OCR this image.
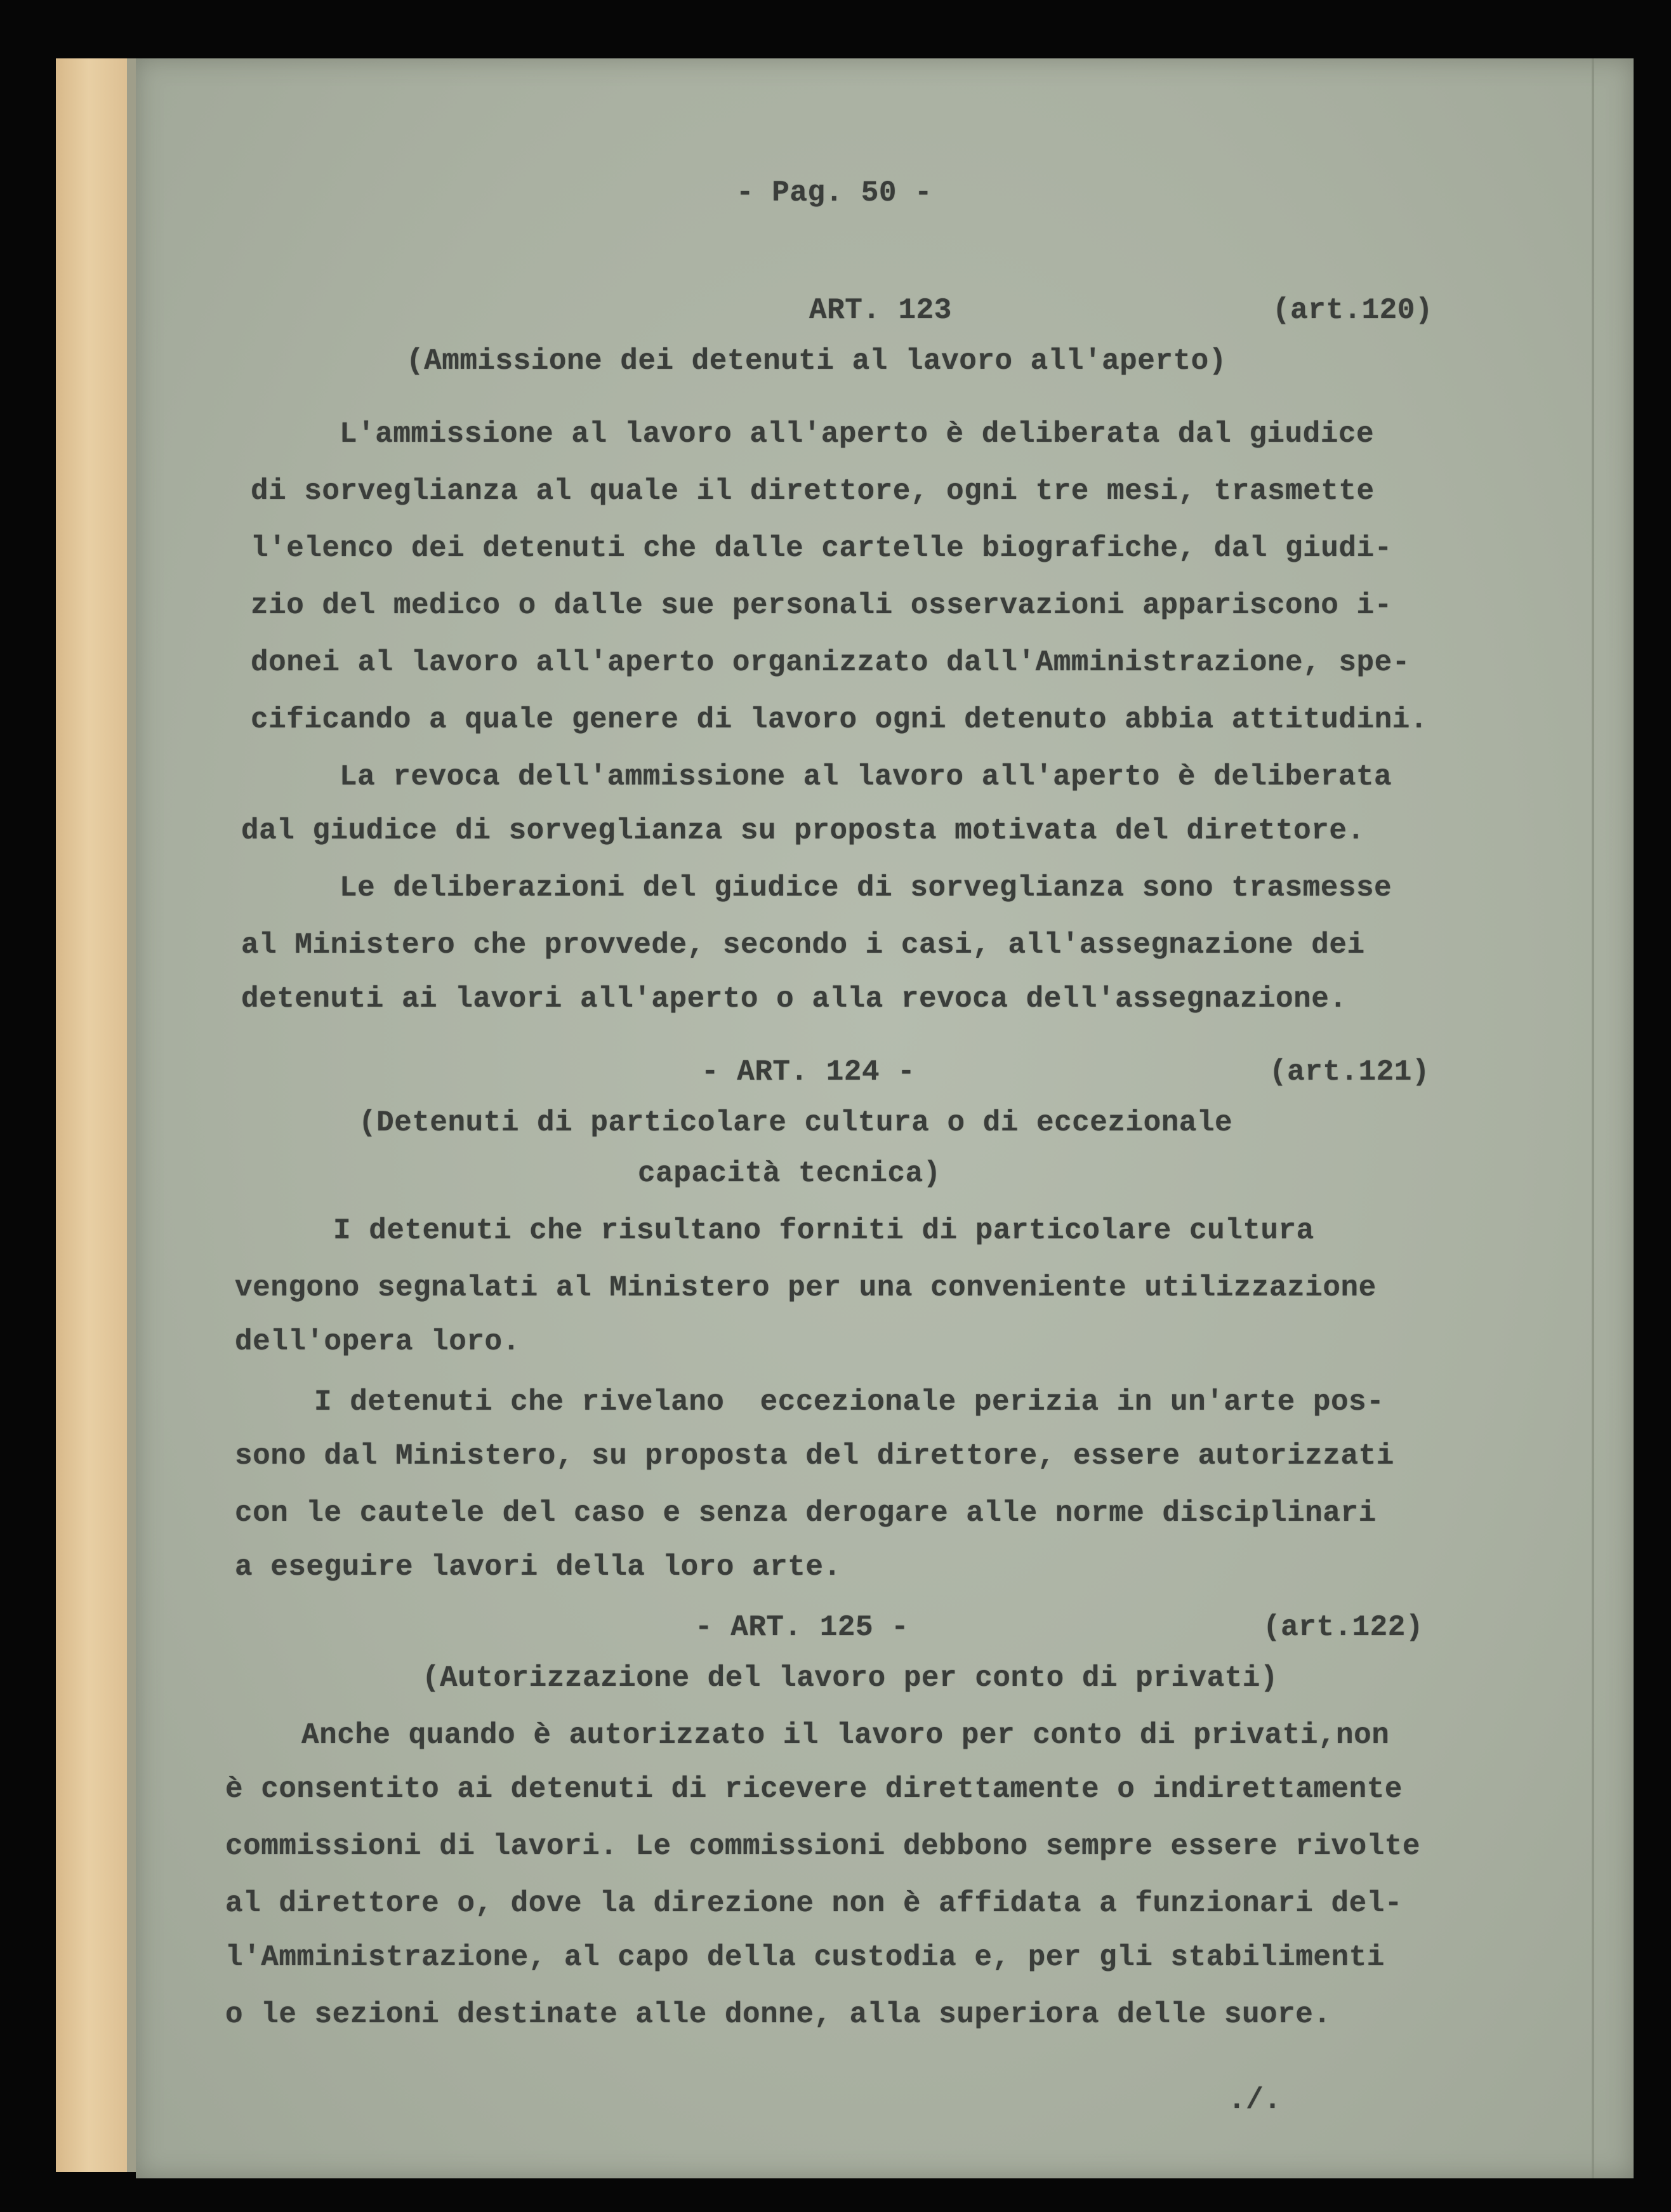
- Pag. 50 -

ART. 123

	(art.120)

(Ammissione dei detenuti al lavoro all'aperto)

L'ammissione al lavoro all'aperto è deliberata dal giudice

di sorveglianza al quale il direttore, ogni tre mesi, trasmette

l'elenco dei detenuti che dalle cartelle biografiche, dal giudi-

zio del medico o dalle sue personali osservazioni appariscono i-

donei al lavoro all'aperto organizzato dall'Amministrazione, spe-

cificando a quale genere di lavoro ogni detenuto abbia attitudini.

La revoca dell'ammissione al lavoro all'aperto è deliberata

dal giudice di sorveglianza su proposta motivata del direttore.

Le deliberazioni del giudice di sorveglianza sono trasmesse

al Ministero che provvede, secondo i casi, all'assegnazione dei

detenuti ai lavori all'aperto o alla revoca dell'assegnazione.

- ART. 124 -

	(art.121)

(Detenuti di particolare cultura o di eccezionale

capacità tecnica)

I detenuti che risultano forniti di particolare cultura

vengono segnalati al Ministero per una conveniente utilizzazione

dell'opera loro.

I detenuti che rivelano  eccezionale perizia in un'arte pos-

sono dal Ministero, su proposta del direttore, essere autorizzati

con le cautele del caso e senza derogare alle norme disciplinari

a eseguire lavori della loro arte.

- ART. 125 -

	(art.122)

(Autorizzazione del lavoro per conto di privati)

Anche quando è autorizzato il lavoro per conto di privati,non

è consentito ai detenuti di ricevere direttamente o indirettamente

commissioni di lavori. Le commissioni debbono sempre essere rivolte

al direttore o, dove la direzione non è affidata a funzionari del-

l'Amministrazione, al capo della custodia e, per gli stabilimenti

o le sezioni destinate alle donne, alla superiora delle suore.

./.
